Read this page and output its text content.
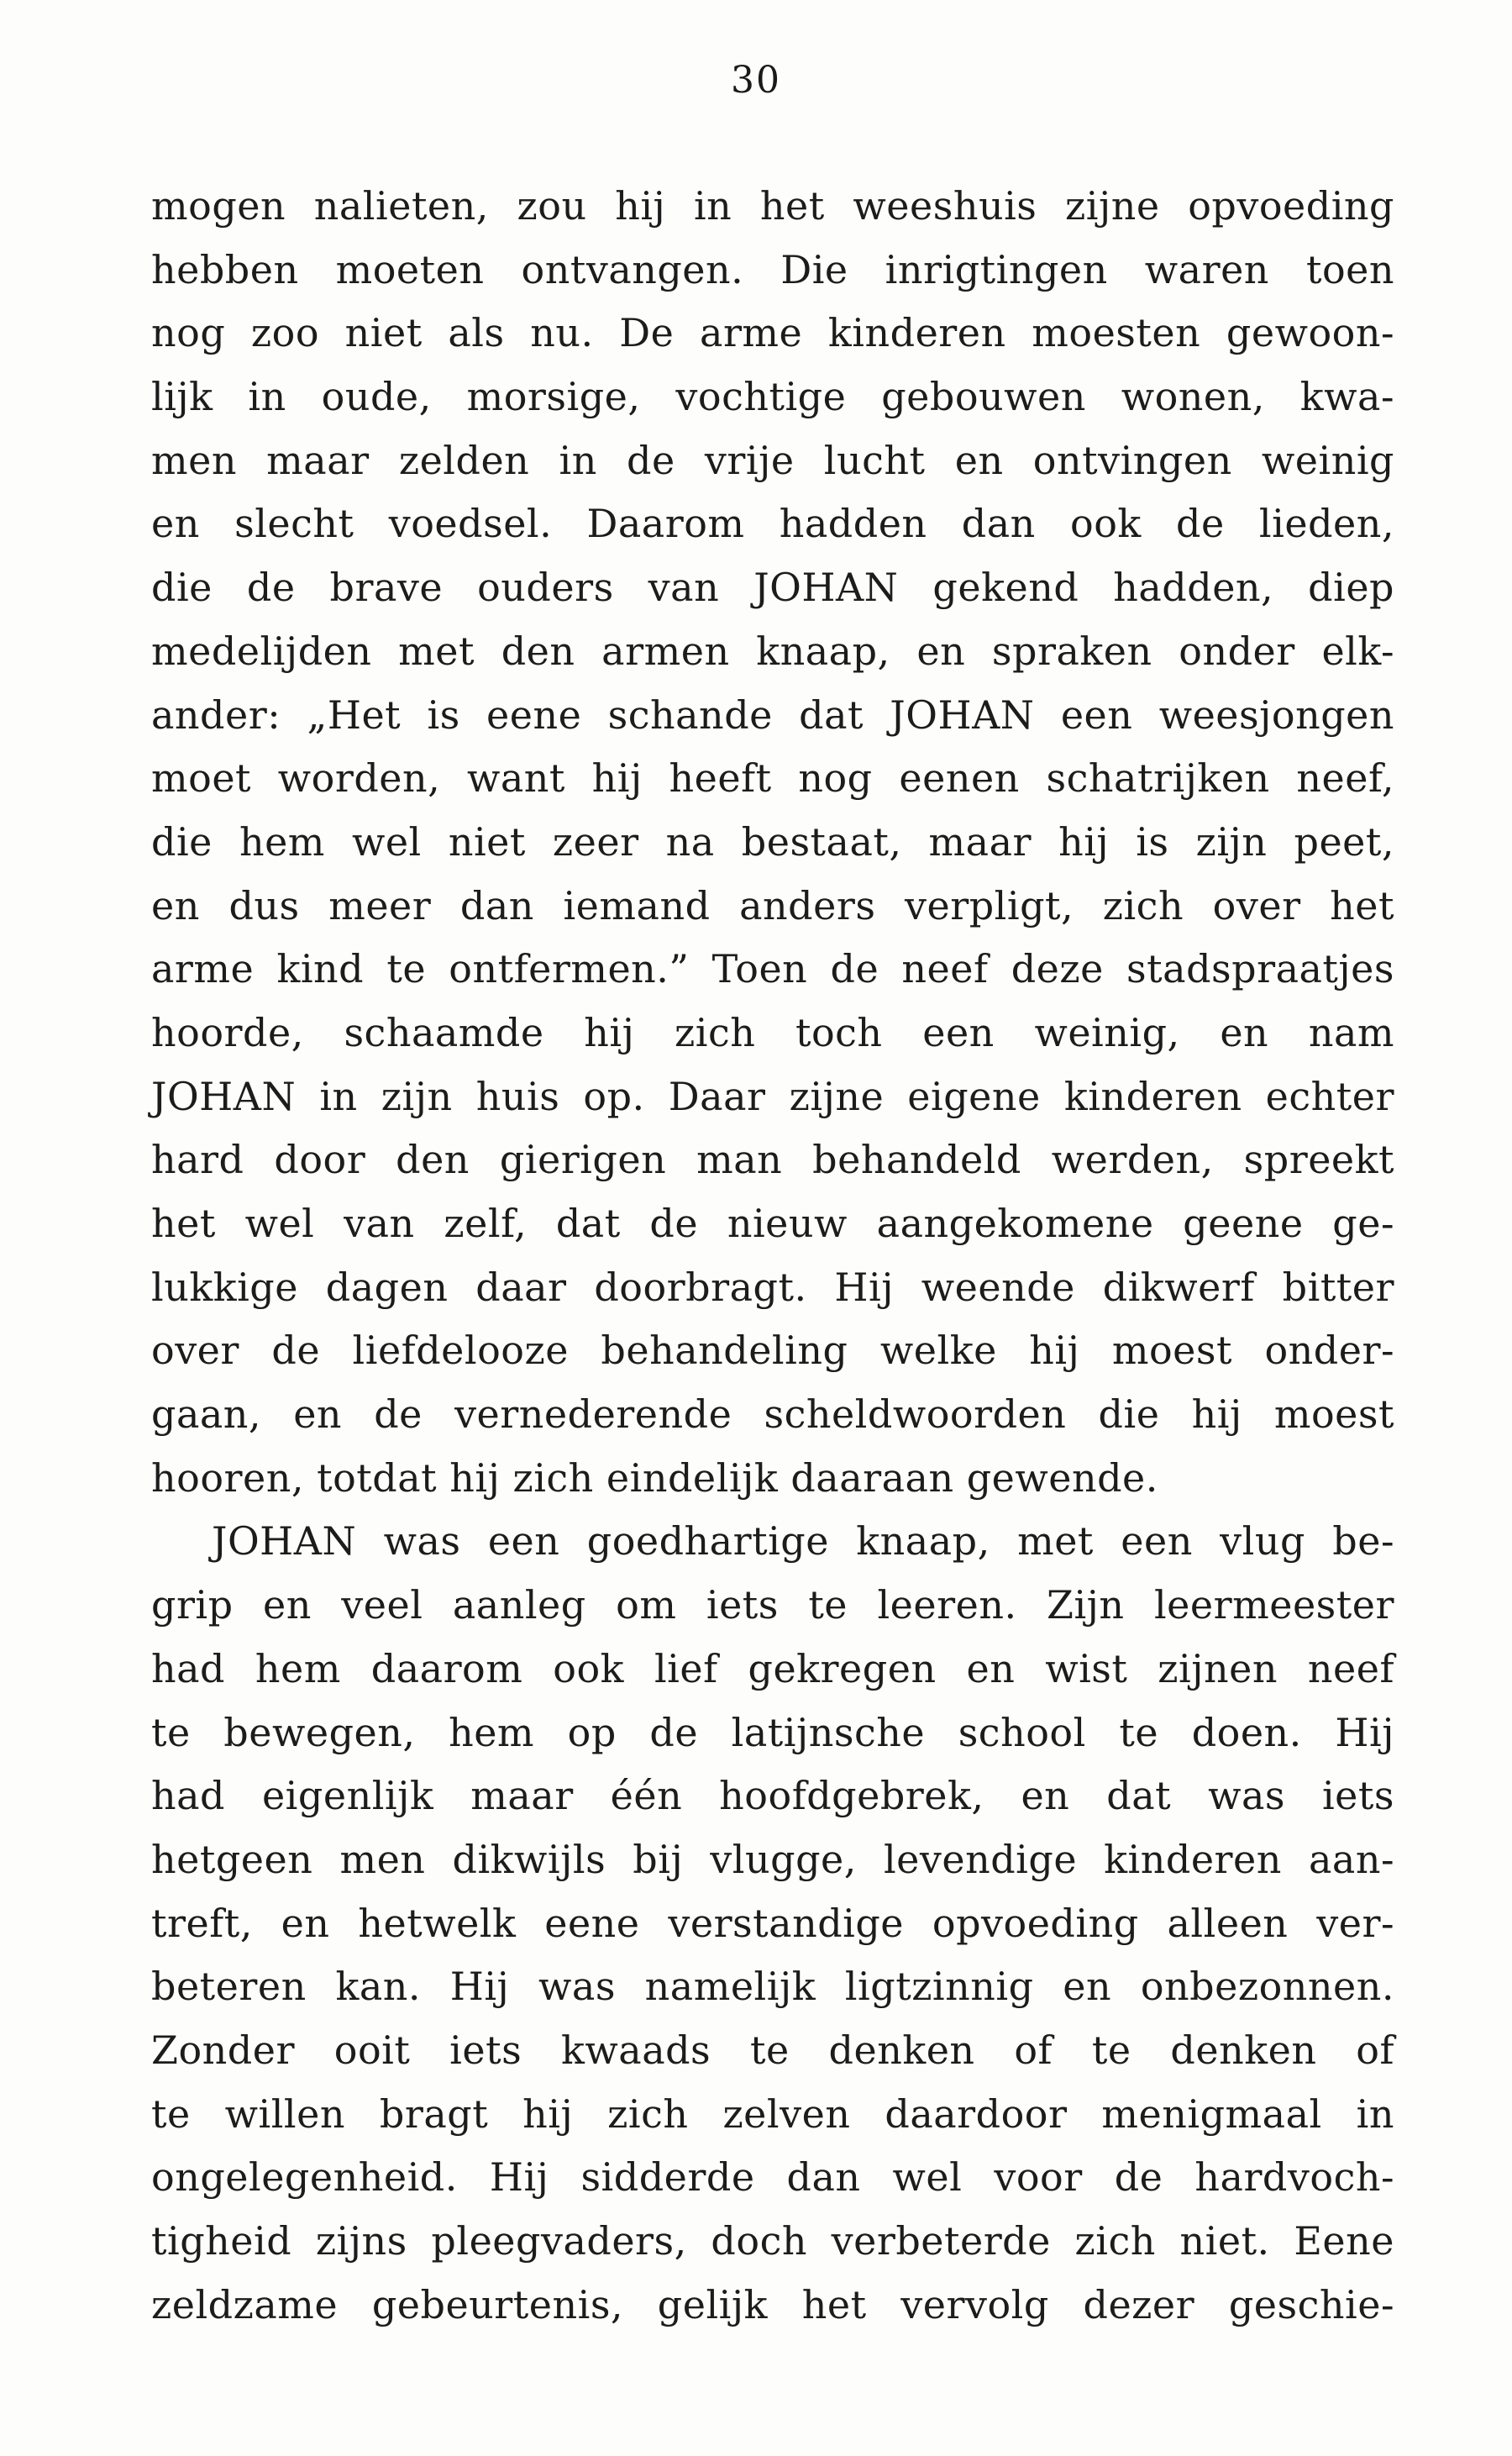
30
mogen nalieten, zou hij in het weeshuis zijne opvoeding
hebben moeten ontvangen. Die inrigtingen waren toen
nog zoo niet als nu. De arme kinderen moesten gewoon-
lijk in oude, morsige, vochtige gebouwen wonen, kwa-
men maar zelden in de vrije lucht en ontvingen weinig
en slecht voedsel. Daarom hadden dan ook de lieden,
die de brave ouders van JOHAN gekend hadden, diep
medelijden met den armen knaap, en spraken onder elk-
ander: „Het is eene schande dat JOHAN een weesjongen
moet worden, want hij heeft nog eenen schatrijken neef,
die hem wel niet zeer na bestaat, maar hij is zijn peet,
en dus meer dan iemand anders verpligt, zich over het
arme kind te ontfermen.” Toen de neef deze stadspraatjes
hoorde, schaamde hij zich toch een weinig, en nam
JOHAN in zijn huis op. Daar zijne eigene kinderen echter
hard door den gierigen man behandeld werden, spreekt
het wel van zelf, dat de nieuw aangekomene geene ge-
lukkige dagen daar doorbragt. Hij weende dikwerf bitter
over de liefdelooze behandeling welke hij moest onder-
gaan, en de vernederende scheldwoorden die hij moest
hooren, totdat hij zich eindelijk daaraan gewende.
JOHAN was een goedhartige knaap, met een vlug be-
grip en veel aanleg om iets te leeren. Zijn leermeester
had hem daarom ook lief gekregen en wist zijnen neef
te bewegen, hem op de latijnsche school te doen. Hij
had eigenlijk maar één hoofdgebrek, en dat was iets
hetgeen men dikwijls bij vlugge, levendige kinderen aan-
treft, en hetwelk eene verstandige opvoeding alleen ver-
beteren kan. Hij was namelijk ligtzinnig en onbezonnen.
Zonder ooit iets kwaads te denken of te denken of
te willen bragt hij zich zelven daardoor menigmaal in
ongelegenheid. Hij sidderde dan wel voor de hardvoch-
tigheid zijns pleegvaders, doch verbeterde zich niet. Eene
zeldzame gebeurtenis, gelijk het vervolg dezer geschie-
